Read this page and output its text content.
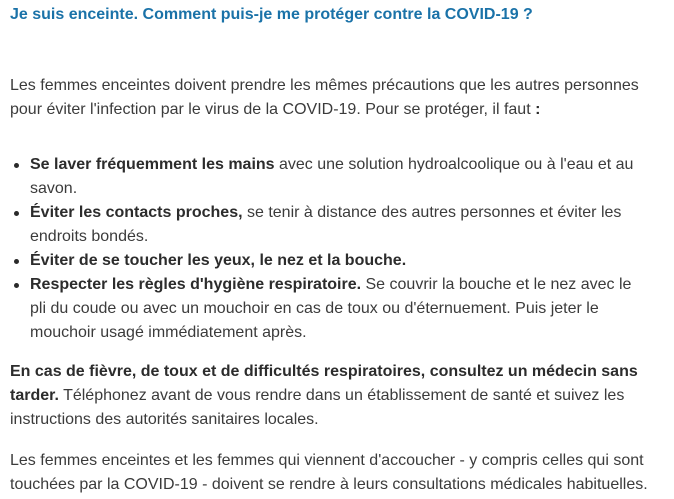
Je suis enceinte. Comment puis-je me protéger contre la COVID-19 ?

Les femmes enceintes doivent prendre les mêmes précautions que les autres personnes pour éviter l'infection par le virus de la COVID-19. Pour se protéger, il faut :

Se laver fréquemment les mains avec une solution hydroalcoolique ou à l'eau et au savon.
Éviter les contacts proches, se tenir à distance des autres personnes et éviter les endroits bondés.
Éviter de se toucher les yeux, le nez et la bouche.
Respecter les règles d'hygiène respiratoire. Se couvrir la bouche et le nez avec le pli du coude ou avec un mouchoir en cas de toux ou d'éternuement. Puis jeter le mouchoir usagé immédiatement après.

En cas de fièvre, de toux et de difficultés respiratoires, consultez un médecin sans tarder. Téléphonez avant de vous rendre dans un établissement de santé et suivez les instructions des autorités sanitaires locales.

Les femmes enceintes et les femmes qui viennent d'accoucher - y compris celles qui sont touchées par la COVID-19 - doivent se rendre à leurs consultations médicales habituelles.
